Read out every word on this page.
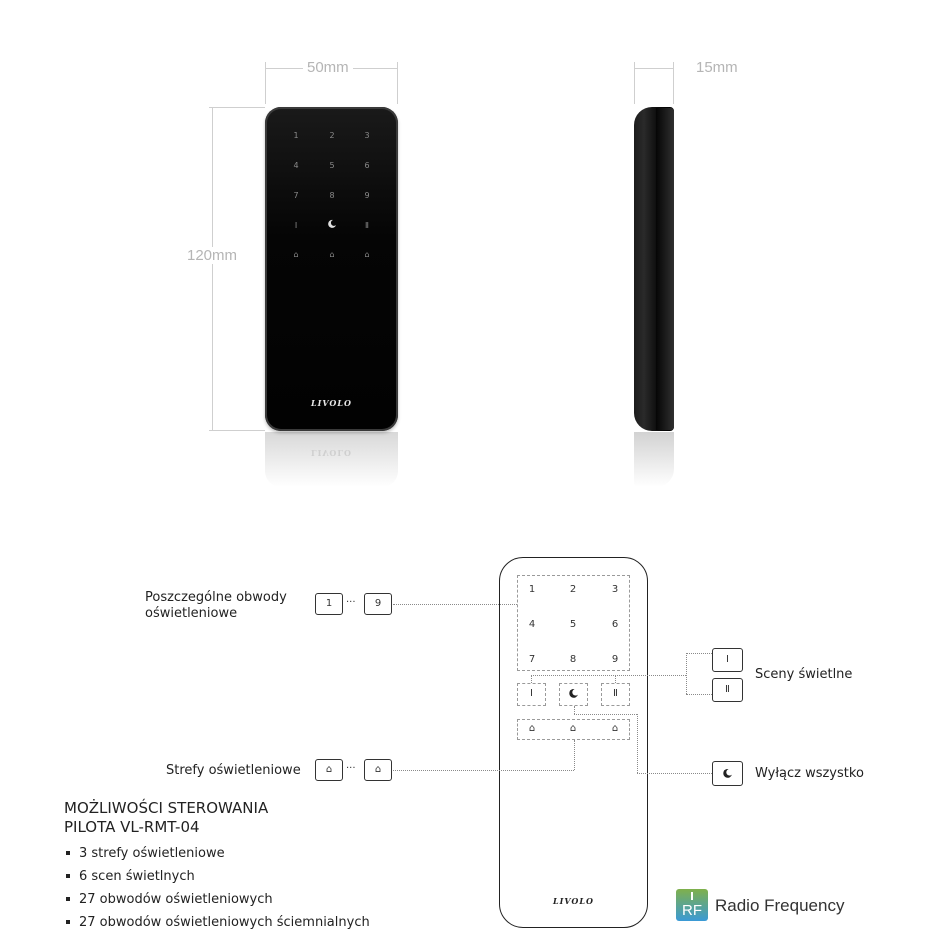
50mm
120mm
15mm
1	2	3
4	5	6
7	8	9
Ⅰ	Ⅱ
⌂	⌂	⌂
LIVOLO
LIVOLO
1	2	3
4	5	6
7	8	9
Ⅰ	Ⅱ
⌂	⌂	⌂
LIVOLO
Poszczególne obwody
oświetleniowe
1	···	9
Ⅰ
Ⅱ
Sceny świetlne
Strefy oświetleniowe	⌂	···	⌂	Wyłącz wszystko
MOŻLIWOŚCI STEROWANIA
PILOTA VL-RMT-04
3 strefy oświetleniowe
6 scen świetlnych
27 obwodów oświetleniowych
27 obwodów oświetleniowych ściemnialnych
RF Radio Frequency
